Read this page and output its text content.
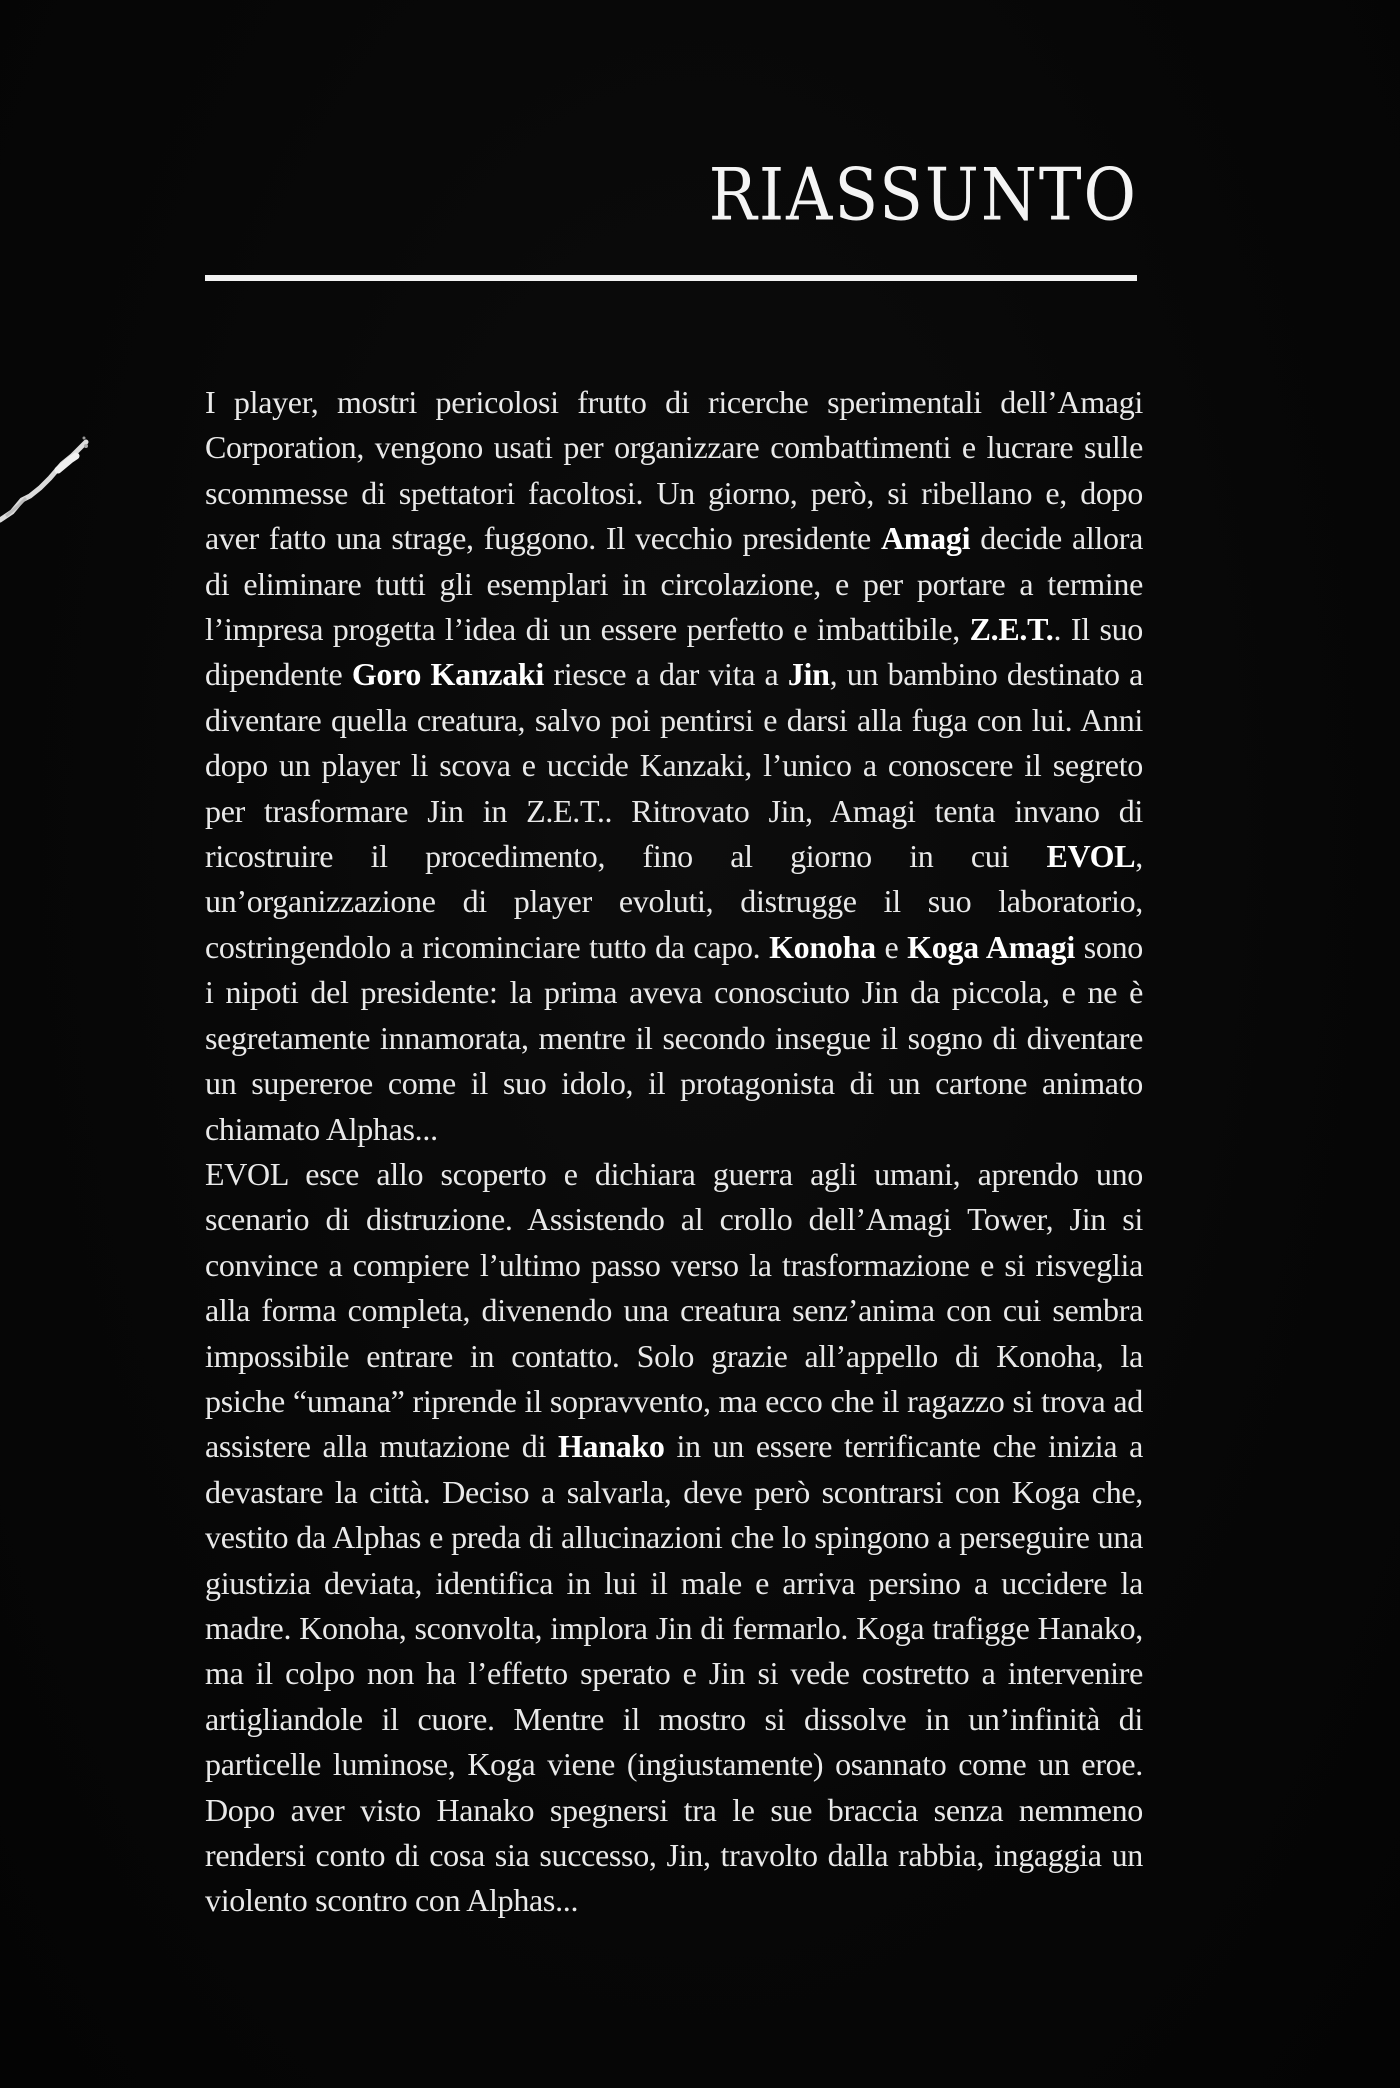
RIASSUNTO

I player, mostri pericolosi frutto di ricerche sperimentali dell’Amagi Corporation, vengono usati per organizzare combattimenti e lucrare sulle scommesse di spettatori facoltosi. Un giorno, però, si ribellano e, dopo aver fatto una strage, fuggono. Il vecchio presidente Amagi decide allora di eliminare tutti gli esemplari in circolazione, e per portare a termine l’impresa progetta l’idea di un essere perfetto e imbattibile, Z.E.T.. Il suo dipendente Goro Kanzaki riesce a dar vita a Jin, un bambino destinato a diventare quella creatura, salvo poi pentirsi e darsi alla fuga con lui. Anni dopo un player li scova e uccide Kanzaki, l’unico a conoscere il segreto per trasformare Jin in Z.E.T.. Ritrovato Jin, Amagi tenta invano di ricostruire il procedimento, fino al giorno in cui EVOL, un’organizzazione di player evoluti, distrugge il suo laboratorio, costringendolo a ricominciare tutto da capo. Konoha e Koga Amagi sono i nipoti del presidente: la prima aveva conosciuto Jin da piccola, e ne è segretamente innamorata, mentre il secondo insegue il sogno di diventare un supereroe come il suo idolo, il protagonista di un cartone animato chiamato Alphas...

EVOL esce allo scoperto e dichiara guerra agli umani, aprendo uno scenario di distruzione. Assistendo al crollo dell’Amagi Tower, Jin si convince a compiere l’ultimo passo verso la trasformazione e si risveglia alla forma completa, divenendo una creatura senz’anima con cui sembra impossibile entrare in contatto. Solo grazie all’appello di Konoha, la psiche “umana” riprende il sopravvento, ma ecco che il ragazzo si trova ad assistere alla mutazione di Hanako in un essere terrificante che inizia a devastare la città. Deciso a salvarla, deve però scontrarsi con Koga che, vestito da Alphas e preda di allucinazioni che lo spingono a perseguire una giustizia deviata, identifica in lui il male e arriva persino a uccidere la madre. Konoha, sconvolta, implora Jin di fermarlo. Koga trafigge Hanako, ma il colpo non ha l’effetto sperato e Jin si vede costretto a intervenire artigliandole il cuore. Mentre il mostro si dissolve in un’infinità di particelle luminose, Koga viene (ingiustamente) osannato come un eroe. Dopo aver visto Hanako spegnersi tra le sue braccia senza nemmeno rendersi conto di cosa sia successo, Jin, travolto dalla rabbia, ingaggia un violento scontro con Alphas...
